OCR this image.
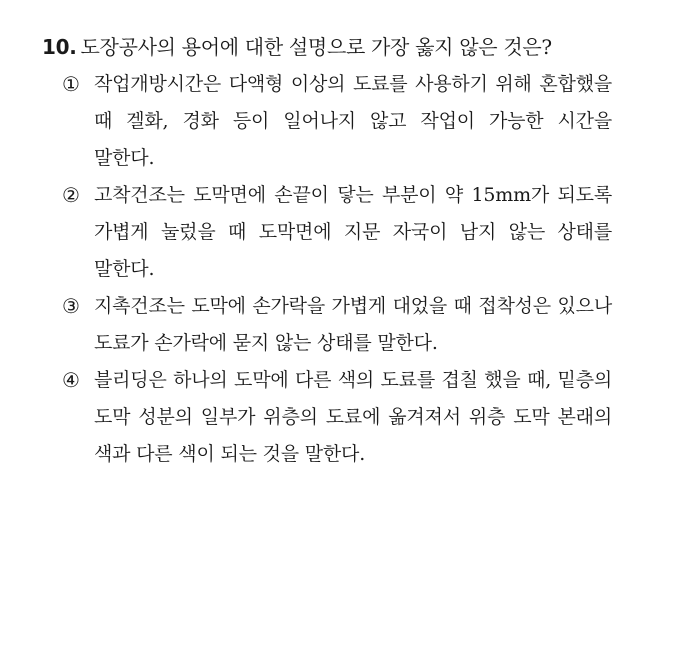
10. 도장공사의 용어에 대한 설명으로 가장 옳지 않은 것은?
① 작업개방시간은 다액형 이상의 도료를 사용하기 위해 혼합했을 때 겔화, 경화 등이 일어나지 않고 작업이 가능한 시간을 말한다.
② 고착건조는 도막면에 손끝이 닿는 부분이 약 15mm가 되도록 가볍게 눌렀을 때 도막면에 지문 자국이 남지 않는 상태를 말한다.
③ 지촉건조는 도막에 손가락을 가볍게 대었을 때 접착성은 있으나 도료가 손가락에 묻지 않는 상태를 말한다.
④ 블리딩은 하나의 도막에 다른 색의 도료를 겹칠 했을 때, 밑층의 도막 성분의 일부가 위층의 도료에 옮겨져서 위층 도막 본래의 색과 다른 색이 되는 것을 말한다.
